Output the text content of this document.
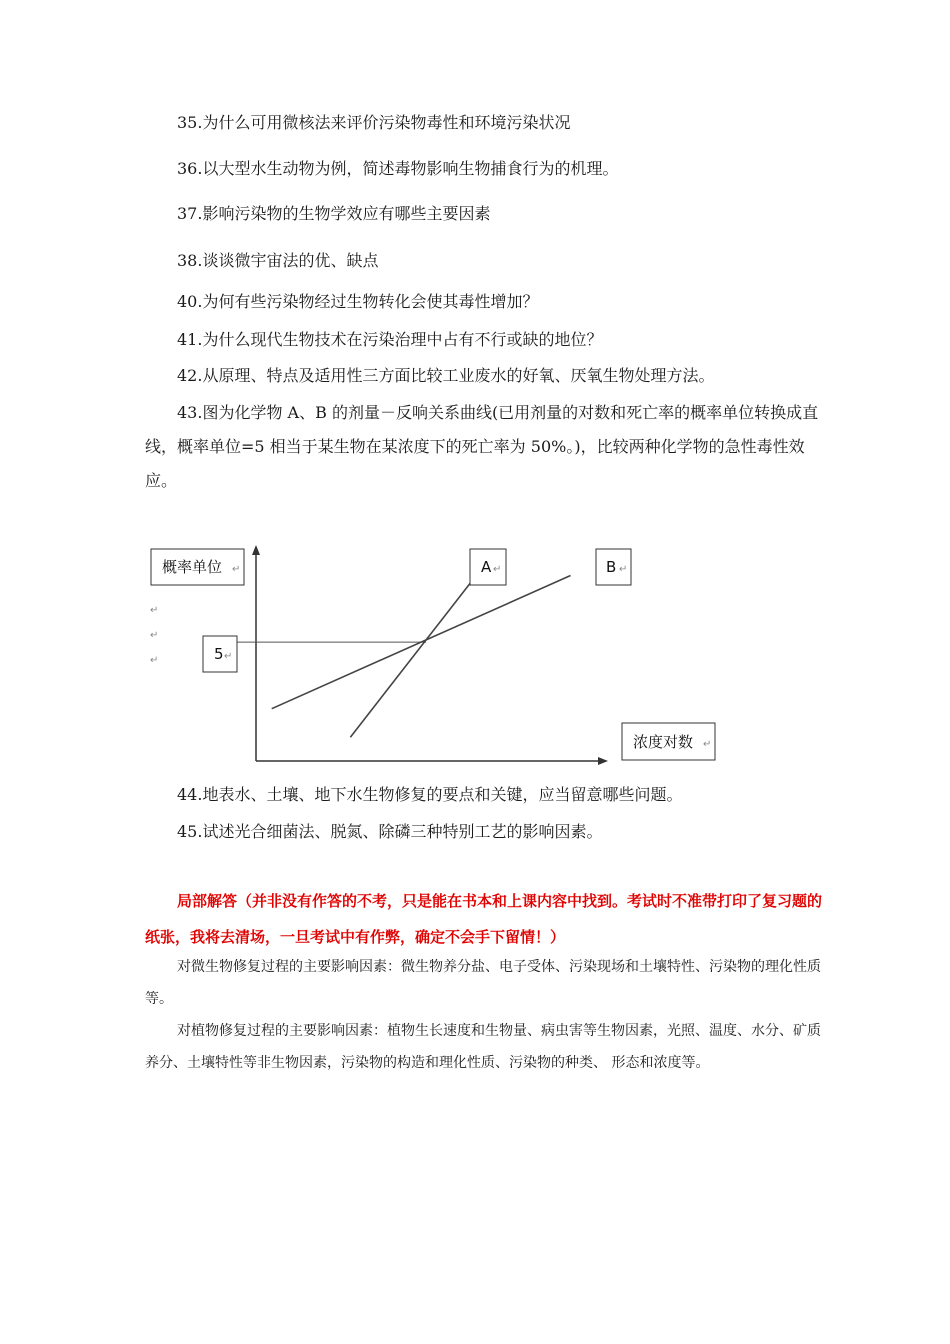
35.为什么可用微核法来评价污染物毒性和环境污染状况
36.以大型水生动物为例，简述毒物影响生物捕食行为的机理。
37.影响污染物的生物学效应有哪些主要因素
38.谈谈微宇宙法的优、缺点
40.为何有些污染物经过生物转化会使其毒性增加？
41.为什么现代生物技术在污染治理中占有不行或缺的地位？
42.从原理、特点及适用性三方面比较工业废水的好氧、厌氧生物处理方法。
43.图为化学物 A、B 的剂量－反响关系曲线(已用剂量的对数和死亡率的概率单位转换成直线，概率单位=5 相当于某生物在某浓度下的死亡率为 50%。)，比较两种化学物的急性毒性效应。
概率单位 ↵	A ↵	B ↵
5 ↵
浓度对数 ↵
↵
↵
↵
44.地表水、土壤、地下水生物修复的要点和关键，应当留意哪些问题。
45.试述光合细菌法、脱氮、除磷三种特别工艺的影响因素。
局部解答（并非没有作答的不考，只是能在书本和上课内容中找到。考试时不准带打印了复习题的纸张，我将去清场，一旦考试中有作弊，确定不会手下留情！）
对微生物修复过程的主要影响因素：微生物养分盐、电子受体、污染现场和土壤特性、污染物的理化性质等。
对植物修复过程的主要影响因素：植物生长速度和生物量、病虫害等生物因素，光照、温度、水分、矿质养分、土壤特性等非生物因素，污染物的构造和理化性质、污染物的种类、 形态和浓度等。
